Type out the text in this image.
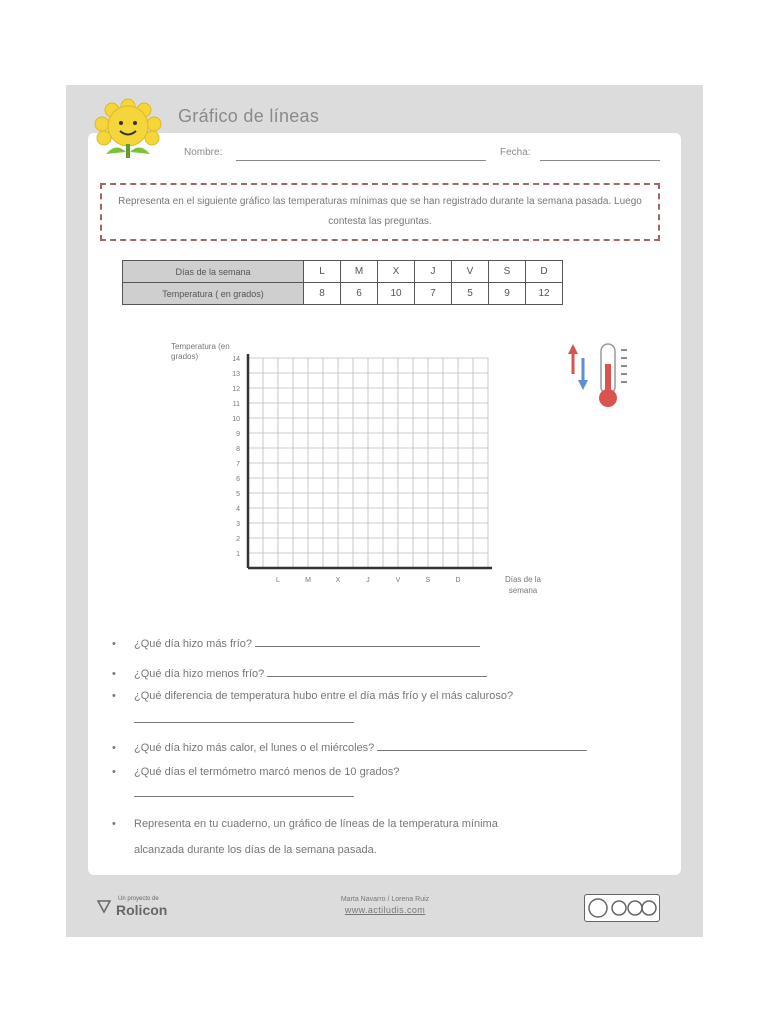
Gráfico de líneas
Nombre:	Fecha:
Representa en el siguiente gráfico las temperaturas mínimas que se han registrado durante la semana pasada. Luego contesta las preguntas.
Días de la semana	L	M	X	J	V	S	D
Temperatura ( en grados)	8	6	10	7	5	9	12
Temperatura (en grados)	14
13
12
11
10
9
8
7
6
5
4
3
2
1
L	M	X	J	V	S	D	Días de la semana
• ¿Qué día hizo más frío?
• ¿Qué día hizo menos frío?
• ¿Qué diferencia de temperatura hubo entre el día más frío y el más caluroso?
• ¿Qué día hizo más calor, el lunes o el miércoles?
• ¿Qué días el termómetro marcó menos de 10 grados?
• Representa en tu cuaderno, un gráfico de líneas de la temperatura mínima
alcanzada durante los días de la semana pasada.
Un proyecto de
Rolicon
Marta Navarro / Lorena Ruiz
www.actiludis.com
